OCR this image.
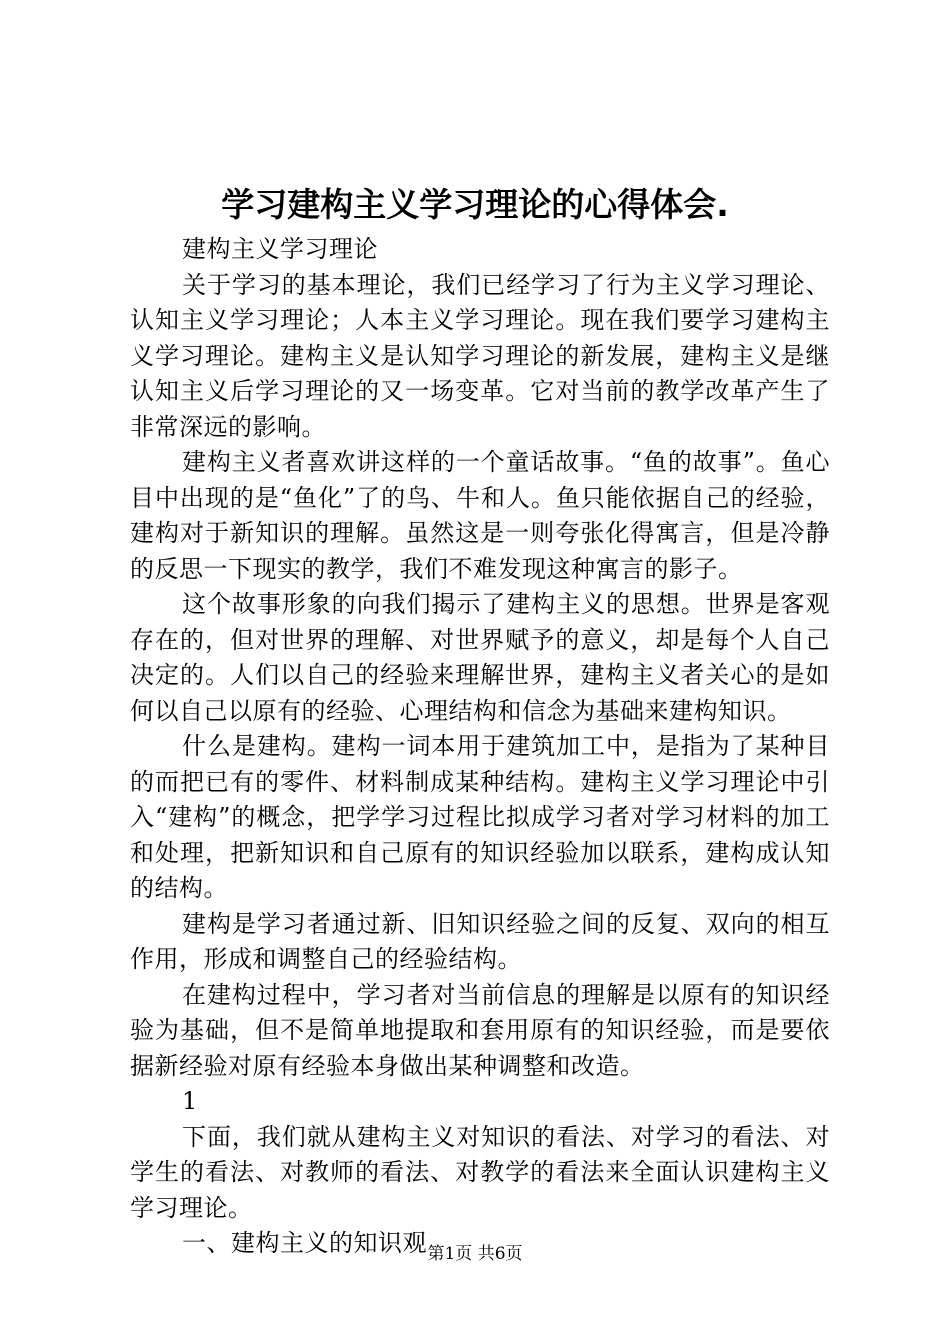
学习建构主义学习理论的心得体会.

建构主义学习理论

关于学习的基本理论，我们已经学习了行为主义学习理论、认知主义学习理论；人本主义学习理论。现在我们要学习建构主义学习理论。建构主义是认知学习理论的新发展，建构主义是继认知主义后学习理论的又一场变革。它对当前的教学改革产生了非常深远的影响。

建构主义者喜欢讲这样的一个童话故事。“鱼的故事”。鱼心目中出现的是“鱼化”了的鸟、牛和人。鱼只能依据自己的经验，建构对于新知识的理解。虽然这是一则夸张化得寓言，但是冷静的反思一下现实的教学，我们不难发现这种寓言的影子。

这个故事形象的向我们揭示了建构主义的思想。世界是客观存在的，但对世界的理解、对世界赋予的意义，却是每个人自己决定的。人们以自己的经验来理解世界，建构主义者关心的是如何以自己以原有的经验、心理结构和信念为基础来建构知识。

什么是建构。建构一词本用于建筑加工中，是指为了某种目的而把已有的零件、材料制成某种结构。建构主义学习理论中引入“建构”的概念，把学学习过程比拟成学习者对学习材料的加工和处理，把新知识和自己原有的知识经验加以联系，建构成认知的结构。

建构是学习者通过新、旧知识经验之间的反复、双向的相互作用，形成和调整自己的经验结构。

在建构过程中，学习者对当前信息的理解是以原有的知识经验为基础，但不是简单地提取和套用原有的知识经验，而是要依据新经验对原有经验本身做出某种调整和改造。

1

下面，我们就从建构主义对知识的看法、对学习的看法、对学生的看法、对教师的看法、对教学的看法来全面认识建构主义学习理论。

一、建构主义的知识观 第1页 共6页
